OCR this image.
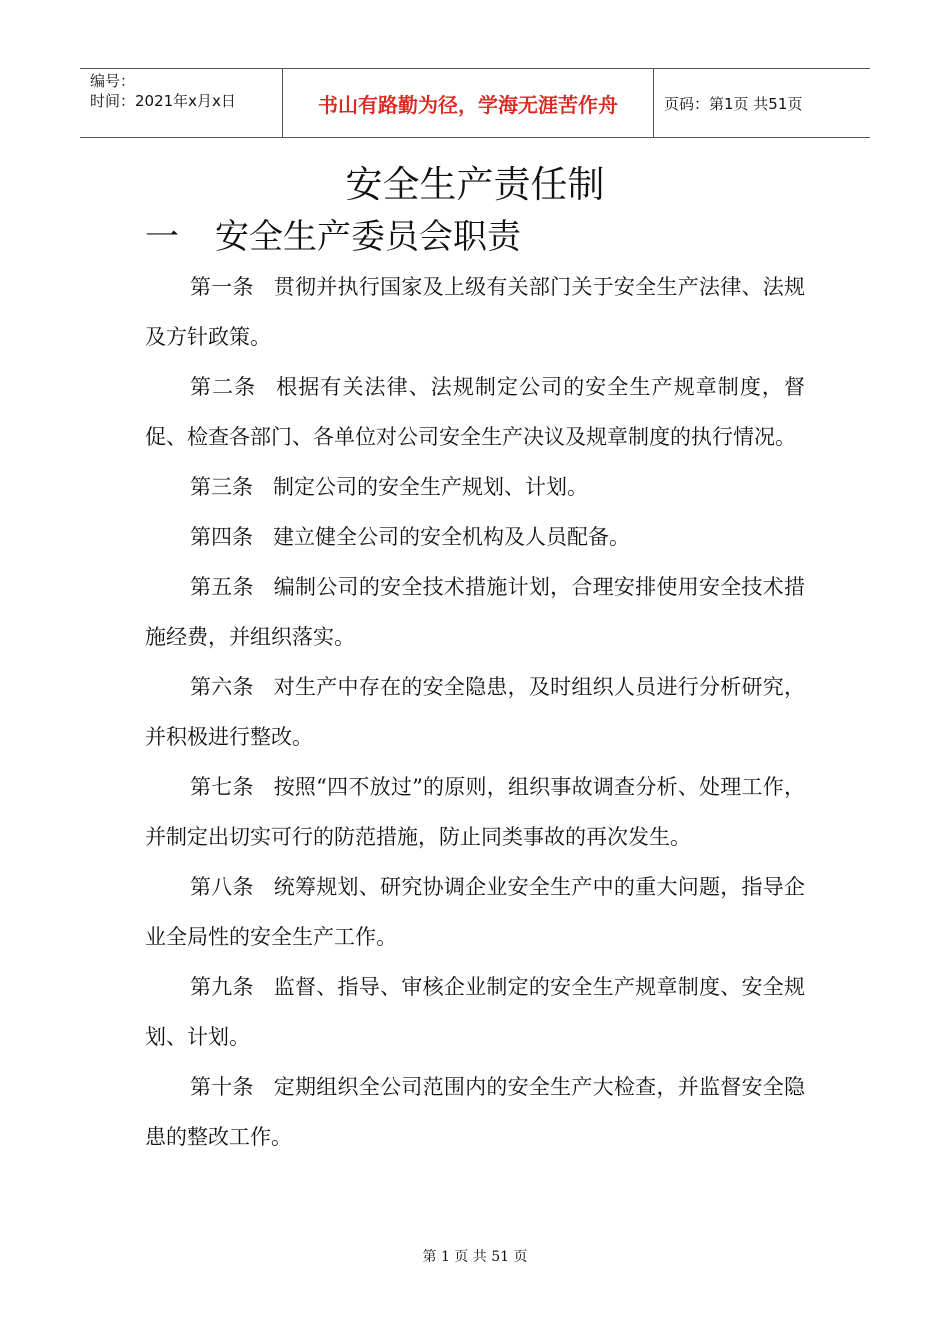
编号：
时间：2021年x月x日	书山有路勤为径，学海无涯苦作舟	页码：第1页 共51页
安全生产责任制
一 安全生产委员会职责

第一条 贯彻并执行国家及上级有关部门关于安全生产法律、法规及方针政策。

第二条 根据有关法律、法规制定公司的安全生产规章制度，督促、检查各部门、各单位对公司安全生产决议及规章制度的执行情况。

第三条 制定公司的安全生产规划、计划。

第四条 建立健全公司的安全机构及人员配备。

第五条 编制公司的安全技术措施计划，合理安排使用安全技术措施经费，并组织落实。

第六条 对生产中存在的安全隐患，及时组织人员进行分析研究，并积极进行整改。

第七条 按照“四不放过”的原则，组织事故调查分析、处理工作，并制定出切实可行的防范措施，防止同类事故的再次发生。

第八条 统筹规划、研究协调企业安全生产中的重大问题，指导企业全局性的安全生产工作。

第九条 监督、指导、审核企业制定的安全生产规章制度、安全规划、计划。

第十条 定期组织全公司范围内的安全生产大检查，并监督安全隐患的整改工作。

第 1 页 共 51 页
